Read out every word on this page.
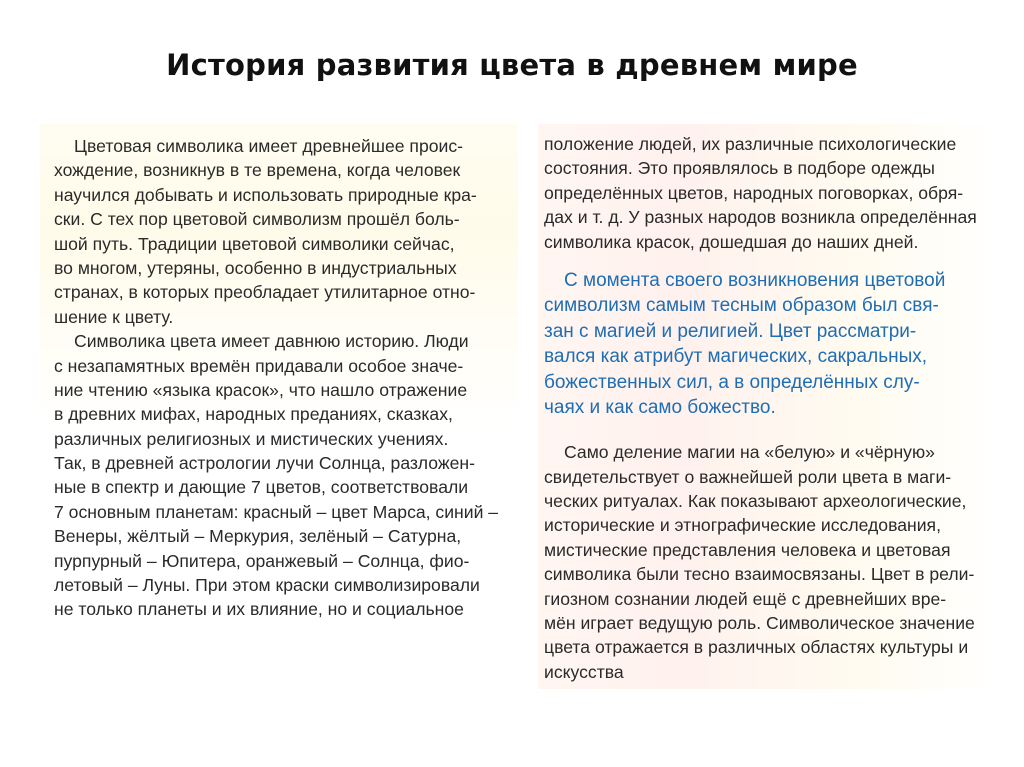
История развития цвета в древнем мире
Цветовая символика имеет древнейшее проис-
хождение, возникнув в те времена, когда человек
научился добывать и использовать природные кра-
ски. С тех пор цветовой символизм прошёл боль-
шой путь. Традиции цветовой символики сейчас,
во многом, утеряны, особенно в индустриальных
странах, в которых преобладает утилитарное отно-
шение к цвету.
Символика цвета имеет давнюю историю. Люди
с незапамятных времён придавали особое значе-
ние чтению «языка красок», что нашло отражение
в древних мифах, народных преданиях, сказках,
различных религиозных и мистических учениях.
Так, в древней астрологии лучи Солнца, разложен-
ные в спектр и дающие 7 цветов, соответствовали
7 основным планетам: красный – цвет Марса, синий –
Венеры, жёлтый – Меркурия, зелёный – Сатурна,
пурпурный – Юпитера, оранжевый – Солнца, фио-
летовый – Луны. При этом краски символизировали
не только планеты и их влияние, но и социальное
положение людей, их различные психологические
состояния. Это проявлялось в подборе одежды
определённых цветов, народных поговорках, обря-
дах и т. д. У разных народов возникла определённая
символика красок, дошедшая до наших дней.
С момента своего возникновения цветовой
символизм самым тесным образом был свя-
зан с магией и религией. Цвет рассматри-
вался как атрибут магических, сакральных,
божественных сил, а в определённых слу-
чаях и как само божество.
Само деление магии на «белую» и «чёрную»
свидетельствует о важнейшей роли цвета в маги-
ческих ритуалах. Как показывают археологические,
исторические и этнографические исследования,
мистические представления человека и цветовая
символика были тесно взаимосвязаны. Цвет в рели-
гиозном сознании людей ещё с древнейших вре-
мён играет ведущую роль. Символическое значение
цвета отражается в различных областях культуры и
искусства
